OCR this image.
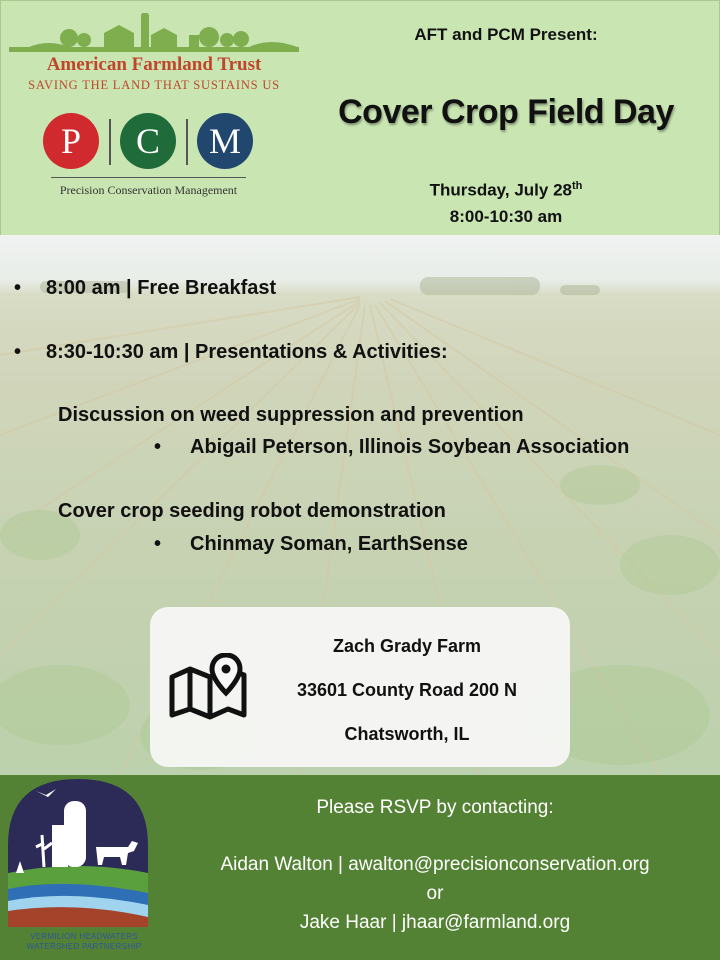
American Farmland Trust
SAVING THE LAND THAT SUSTAINS US
P	C	M
Precision Conservation Management
AFT and PCM Present:
Cover Crop Field Day
Thursday, July 28th
8:00-10:30 am
• 8:00 am | Free Breakfast
• 8:30-10:30 am | Presentations & Activities:
Discussion on weed suppression and prevention
• Abigail Peterson, Illinois Soybean Association
Cover crop seeding robot demonstration
• Chinmay Soman, EarthSense
Zach Grady Farm
33601 County Road 200 N
Chatsworth, IL
VERMILION HEADWATERS
WATERSHED PARTNERSHIP
Please RSVP by contacting:
Aidan Walton | awalton@precisionconservation.org
or
Jake Haar | jhaar@farmland.org
